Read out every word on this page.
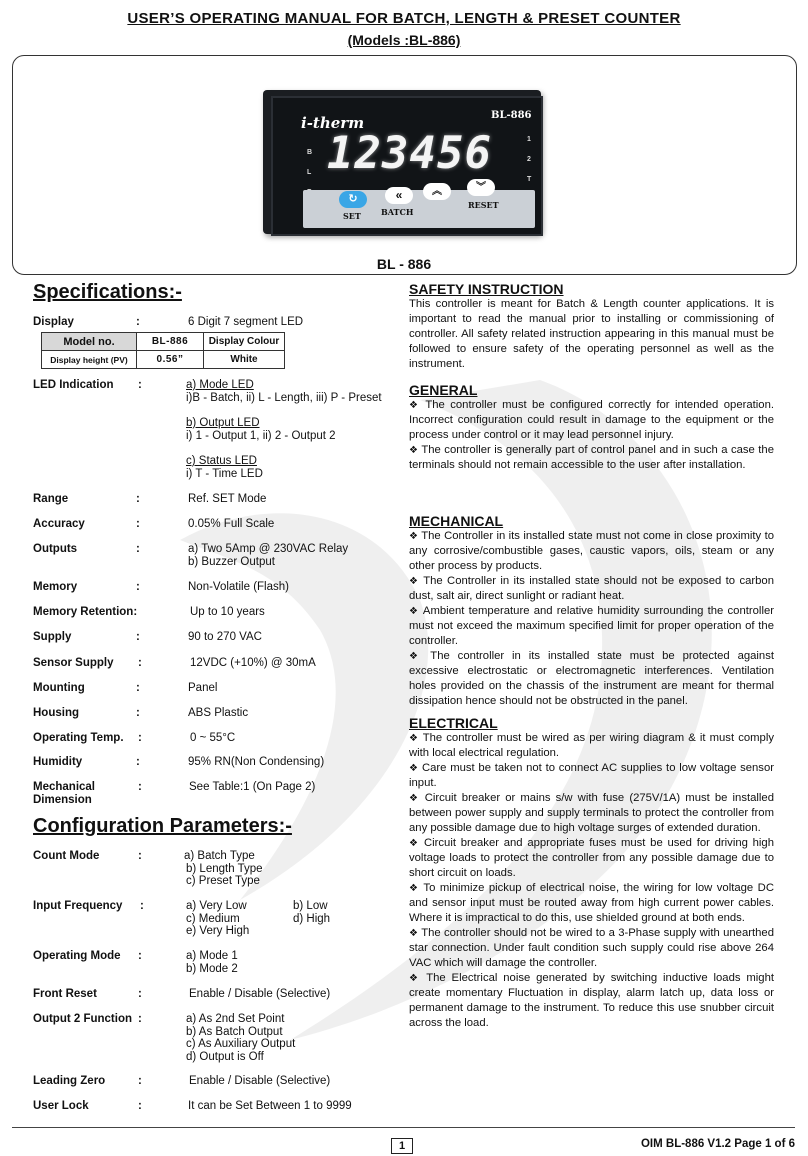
USER’S OPERATING MANUAL FOR BATCH, LENGTH & PRESET COUNTER
(Models :BL-886)
i-therm	BL-886
B
L
1
2
T
123456
↻	«	︽	︾
SET	BATCH
RESET
BL - 886
Specifications:-
Display	:	6 Digit 7 segment LED
Model no.	BL-886	Display Colour
Display height (PV)	0.56”	White
LED Indication	:	a) Mode LED
i)B - Batch, ii) L - Length, iii) P - Preset
b) Output LED
i) 1 - Output 1, ii) 2 - Output 2
c) Status LED
i) T - Time LED
Range	:	Ref. SET Mode
Accuracy	:	0.05% Full Scale
Outputs	:	a) Two 5Amp @ 230VAC Relay
b) Buzzer Output
Memory	:	Non-Volatile (Flash)
Memory Retention:	Up to 10 years
Supply	:	90 to 270 VAC
Sensor Supply	:	12VDC (+10%) @ 30mA
Mounting	:	Panel
Housing	:	ABS Plastic
Operating Temp.	:	0 ~ 55°C
Humidity	:	95% RN(Non Condensing)
Mechanical
Dimension
:	See Table:1 (On Page 2)
Configuration Parameters:-
Count Mode	:	a) Batch Type
b) Length Type
c) Preset Type
Input Frequency	:	a) Very Low	b) Low
c) Medium	d) High
e) Very High
Operating Mode	:	a) Mode 1
b) Mode 2
Front Reset	:	Enable / Disable (Selective)
Output 2 Function :	a) As 2nd Set Point
b) As Batch Output
c) As Auxiliary Output
d) Output is Off
Leading Zero	:	Enable / Disable (Selective)
User Lock	:	It can be Set Between 1 to 9999
SAFETY INSTRUCTION

This controller is meant for Batch & Length counter applications. It is important to read the manual prior to installing or commissioning of controller. All safety related instruction appearing in this manual must be followed to ensure safety of the operating personnel as well as the instrument.

GENERAL

❖ The controller must be configured correctly for intended operation. Incorrect configuration could result in damage to the equipment or the process under control or it may lead personnel injury.

❖ The controller is generally part of control panel and in such a case the terminals should not remain accessible to the user after installation.

MECHANICAL

❖ The Controller in its installed state must not come in close proximity to any corrosive/combustible gases, caustic vapors, oils, steam or any other process by products.

❖ The Controller in its installed state should not be exposed to carbon dust, salt air, direct sunlight or radiant heat.

❖ Ambient temperature and relative humidity surrounding the controller must not exceed the maximum specified limit for proper operation of the controller.

❖ The controller in its installed state must be protected against excessive electrostatic or electromagnetic interferences. Ventilation holes provided on the chassis of the instrument are meant for thermal dissipation hence should not be obstructed in the panel.

ELECTRICAL

❖ The controller must be wired as per wiring diagram & it must comply with local electrical regulation.

❖ Care must be taken not to connect AC supplies to low voltage sensor input.

❖ Circuit breaker or mains s/w with fuse (275V/1A) must be installed between power supply and supply terminals to protect the controller from any possible damage due to high voltage surges of extended duration.

❖ Circuit breaker and appropriate fuses must be used for driving high voltage loads to protect the controller from any possible damage due to short circuit on loads.

❖ To minimize pickup of electrical noise, the wiring for low voltage DC and sensor input must be routed away from high current power cables. Where it is impractical to do this, use shielded ground at both ends.

❖ The controller should not be wired to a 3-Phase supply with unearthed star connection. Under fault condition such supply could rise above 264 VAC which will damage the controller.

❖ The Electrical noise generated by switching inductive loads might create momentary Fluctuation in display, alarm latch up, data loss or permanent damage to the instrument. To reduce this use snubber circuit across the load.

1	OIM BL-886 V1.2 Page 1 of 6
